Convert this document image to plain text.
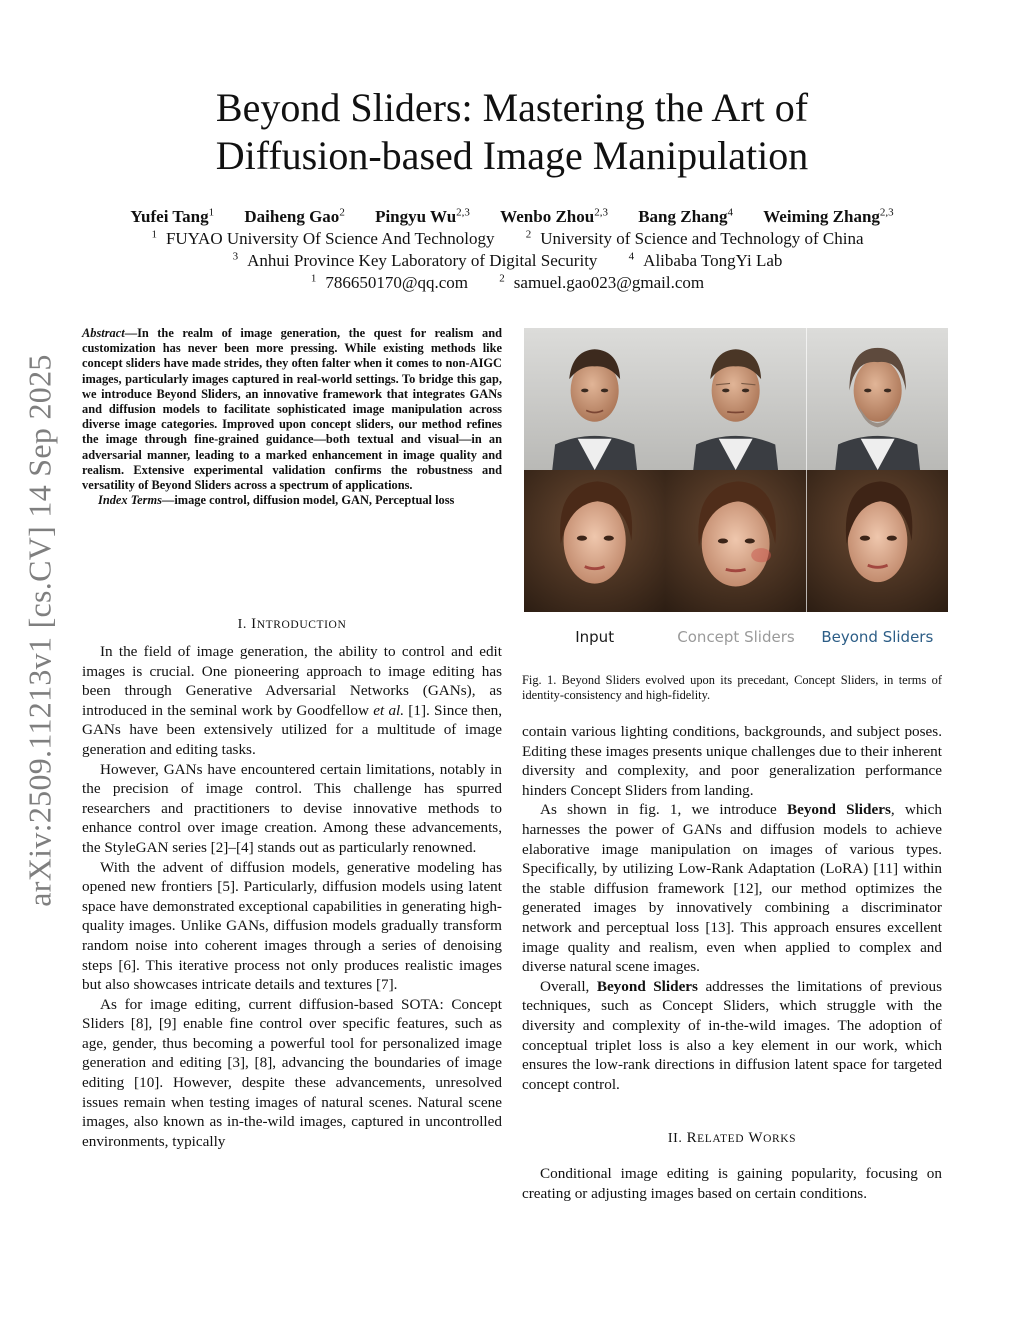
arXiv:2509.11213v1 [cs.CV] 14 Sep 2025
Beyond Sliders: Mastering the Art of
Diffusion-based Image Manipulation
Yufei Tang$^1$ Daiheng Gao$^2$ Pingyu Wu$^{2,3}$ Wenbo Zhou$^{2,3}$ Bang Zhang$^4$ Weiming Zhang$^{2,3}$
$^1$ FUYAO University Of Science And Technology	$^2$ University of Science and Technology of China
$^3$ Anhui Province Key Laboratory of Digital Security	$^4$ Alibaba TongYi Lab
$^1$ 786650170@qq.com	$^2$ samuel.gao023@gmail.com

Abstract—In the realm of image generation, the quest for realism and customization has never been more pressing. While existing methods like concept sliders have made strides, they often falter when it comes to non-AIGC images, particularly images captured in real-world settings. To bridge this gap, we introduce Beyond Sliders, an innovative framework that integrates GANs and diffusion models to facilitate sophisticated image manipulation across diverse image categories. Improved upon concept sliders, our method refines the image through fine-grained guidance—both textual and visual—in an adversarial manner, leading to a marked enhancement in image quality and realism. Extensive experimental validation confirms the robustness and versatility of Beyond Sliders across a spectrum of applications.

Index Terms—image control, diffusion model, GAN, Perceptual loss

I. INTRODUCTION

In the field of image generation, the ability to control and edit images is crucial. One pioneering approach to image editing has been through Generative Adversarial Networks (GANs), as introduced in the seminal work by Goodfellow et al. [1]. Since then, GANs have been extensively utilized for a multitude of image generation and editing tasks.

However, GANs have encountered certain limitations, notably in the precision of image control. This challenge has spurred researchers and practitioners to devise innovative methods to enhance control over image creation. Among these advancements, the StyleGAN series [2]–[4] stands out as particularly renowned.

With the advent of diffusion models, generative modeling has opened new frontiers [5]. Particularly, diffusion models using latent space have demonstrated exceptional capabilities in generating high-quality images. Unlike GANs, diffusion models gradually transform random noise into coherent images through a series of denoising steps [6]. This iterative process not only produces realistic images but also showcases intricate details and textures [7].

As for image editing, current diffusion-based SOTA: Concept Sliders [8], [9] enable fine control over specific features, such as age, gender, thus becoming a powerful tool for personalized image generation and editing [3], [8], advancing the boundaries of image editing [10]. However, despite these advancements, unresolved issues remain when testing images of natural scenes. Natural scene images, also known as in-the-wild images, captured in uncontrolled environments, typically

Input	Concept Sliders	Beyond Sliders
Fig. 1. Beyond Sliders evolved upon its precedant, Concept Sliders, in terms of identity-consistency and high-fidelity.

contain various lighting conditions, backgrounds, and subject poses. Editing these images presents unique challenges due to their inherent diversity and complexity, and poor generalization performance hinders Concept Sliders from landing.

As shown in fig. 1, we introduce Beyond Sliders, which harnesses the power of GANs and diffusion models to achieve elaborative image manipulation on images of various types. Specifically, by utilizing Low-Rank Adaptation (LoRA) [11] within the stable diffusion framework [12], our method optimizes the generated images by innovatively combining a discriminator network and perceptual loss [13]. This approach ensures excellent image quality and realism, even when applied to complex and diverse natural scene images.

Overall, Beyond Sliders addresses the limitations of previous techniques, such as Concept Sliders, which struggle with the diversity and complexity of in-the-wild images. The adoption of conceptual triplet loss is also a key element in our work, which ensures the low-rank directions in diffusion latent space for targeted concept control.

II. RELATED WORKS

Conditional image editing is gaining popularity, focusing on creating or adjusting images based on certain conditions.
